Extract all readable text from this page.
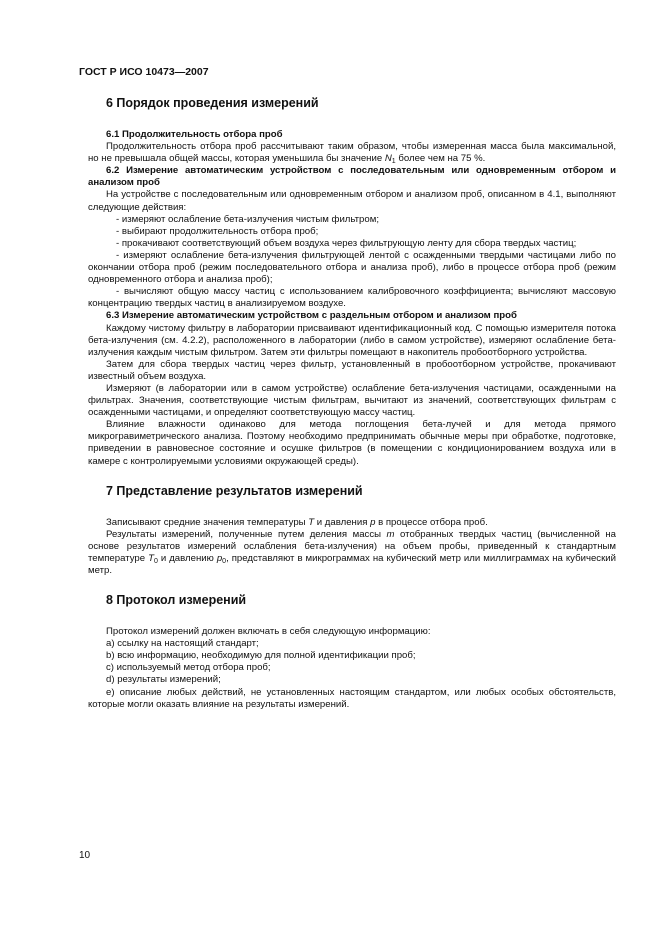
ГОСТ Р ИСО 10473—2007
6 Порядок проведения измерений
6.1 Продолжительность отбора проб

Продолжительность отбора проб рассчитывают таким образом, чтобы измеренная масса была максимальной, но не превышала общей массы, которая уменьшила бы значение $N_1$ более чем на 75 %.

6.2 Измерение автоматическим устройством с последовательным или одновременным отбором и анализом проб

На устройстве с последовательным или одновременным отбором и анализом проб, описанном в 4.1, выполняют следующие действия:

- измеряют ослабление бета-излучения чистым фильтром;

- выбирают продолжительность отбора проб;

- прокачивают соответствующий объем воздуха через фильтрующую ленту для сбора твердых частиц;

- измеряют ослабление бета-излучения фильтрующей лентой с осажденными твердыми частицами либо по окончании отбора проб (режим последовательного отбора и анализа проб), либо в процессе отбора проб (режим одновременного отбора и анализа проб);

- вычисляют общую массу частиц с использованием калибровочного коэффициента; вычисляют массовую концентрацию твердых частиц в анализируемом воздухе.

6.3 Измерение автоматическим устройством с раздельным отбором и анализом проб

Каждому чистому фильтру в лаборатории присваивают идентификационный код. С помощью измерителя потока бета-излучения (см. 4.2.2), расположенного в лаборатории (либо в самом устройстве), измеряют ослабление бета-излучения каждым чистым фильтром. Затем эти фильтры помещают в накопитель пробоотборного устройства.

Затем для сбора твердых частиц через фильтр, установленный в пробоотборном устройстве, прокачивают известный объем воздуха.

Измеряют (в лаборатории или в самом устройстве) ослабление бета-излучения частицами, осажденными на фильтрах. Значения, соответствующие чистым фильтрам, вычитают из значений, соответствующих фильтрам с осажденными частицами, и определяют соответствующую массу частиц.

Влияние влажности одинаково для метода поглощения бета-лучей и для метода прямого микрогравиметрического анализа. Поэтому необходимо предпринимать обычные меры при обработке, подготовке, приведении в равновесное состояние и осушке фильтров (в помещении с кондиционированием воздуха или в камере с контролируемыми условиями окружающей среды).

7 Представление результатов измерений

Записывают средние значения температуры T и давления p в процессе отбора проб.

Результаты измерений, полученные путем деления массы m отобранных твердых частиц (вычисленной на основе результатов измерений ослабления бета-излучения) на объем пробы, приведенный к стандартным температуре $T_0$ и давлению $p_0$, представляют в микрограммах на кубический метр или миллиграммах на кубический метр.

8 Протокол измерений

Протокол измерений должен включать в себя следующую информацию:

a) ссылку на настоящий стандарт;

b) всю информацию, необходимую для полной идентификации проб;

c) используемый метод отбора проб;

d) результаты измерений;

e) описание любых действий, не установленных настоящим стандартом, или любых особых обстоятельств, которые могли оказать влияние на результаты измерений.

10
